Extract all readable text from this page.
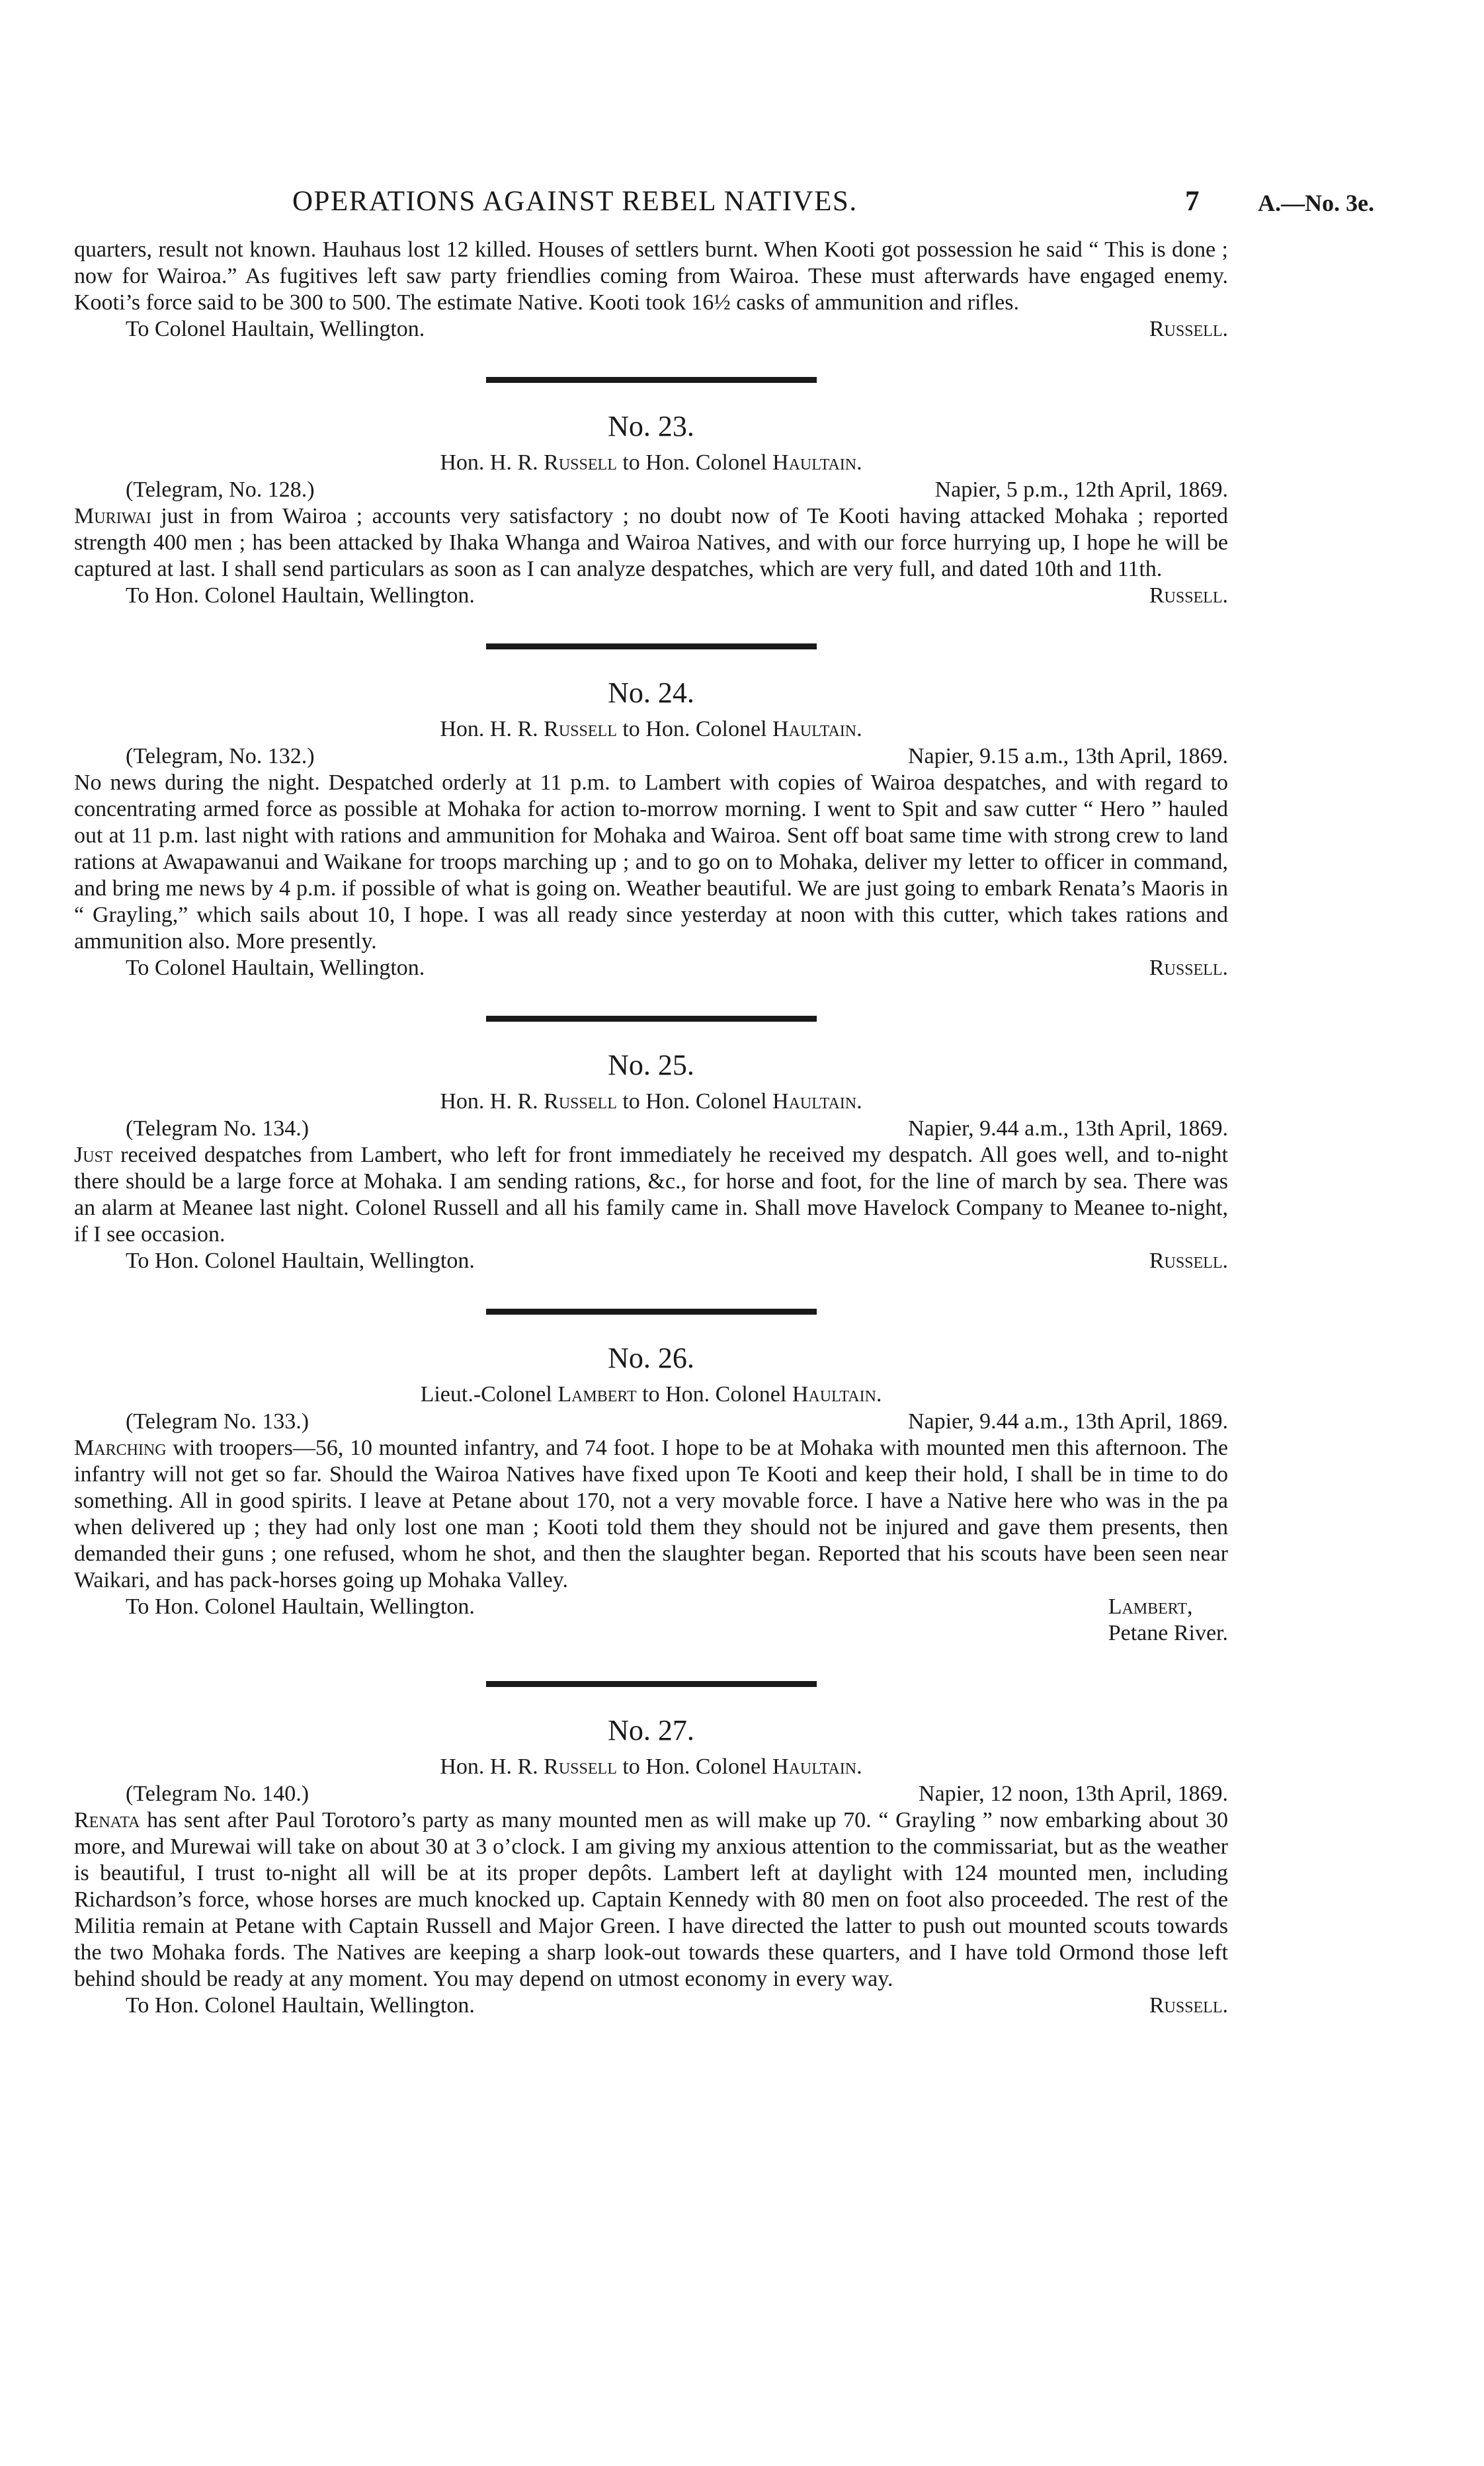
OPERATIONS AGAINST REBEL NATIVES.	7 A.—No. 3e.

quarters, result not known. Hauhaus lost 12 killed. Houses of settlers burnt. When Kooti got possession he said “ This is done ; now for Wairoa.” As fugitives left saw party friendlies coming from Wairoa. These must afterwards have engaged enemy. Kooti’s force said to be 300 to 500. The estimate Native. Kooti took 16½ casks of ammunition and rifles.

To Colonel Haultain, Wellington.	Russell.
No. 23.
Hon. H. R. Russell to Hon. Colonel Haultain.
(Telegram, No. 128.)	Napier, 5 p.m., 12th April, 1869.

Muriwai just in from Wairoa ; accounts very satisfactory ; no doubt now of Te Kooti having attacked Mohaka ; reported strength 400 men ; has been attacked by Ihaka Whanga and Wairoa Natives, and with our force hurrying up, I hope he will be captured at last. I shall send particulars as soon as I can analyze despatches, which are very full, and dated 10th and 11th.

To Hon. Colonel Haultain, Wellington.	Russell.
No. 24.
Hon. H. R. Russell to Hon. Colonel Haultain.
(Telegram, No. 132.)	Napier, 9.15 a.m., 13th April, 1869.

No news during the night. Despatched orderly at 11 p.m. to Lambert with copies of Wairoa despatches, and with regard to concentrating armed force as possible at Mohaka for action to-morrow morning. I went to Spit and saw cutter “ Hero ” hauled out at 11 p.m. last night with rations and ammunition for Mohaka and Wairoa. Sent off boat same time with strong crew to land rations at Awapawanui and Waikane for troops marching up ; and to go on to Mohaka, deliver my letter to officer in command, and bring me news by 4 p.m. if possible of what is going on. Weather beautiful. We are just going to embark Renata’s Maoris in “ Grayling,” which sails about 10, I hope. I was all ready since yesterday at noon with this cutter, which takes rations and ammunition also. More presently.

To Colonel Haultain, Wellington.	Russell.
No. 25.
Hon. H. R. Russell to Hon. Colonel Haultain.
(Telegram No. 134.)	Napier, 9.44 a.m., 13th April, 1869.

Just received despatches from Lambert, who left for front immediately he received my despatch. All goes well, and to-night there should be a large force at Mohaka. I am sending rations, &c., for horse and foot, for the line of march by sea. There was an alarm at Meanee last night. Colonel Russell and all his family came in. Shall move Havelock Company to Meanee to-night, if I see occasion.

To Hon. Colonel Haultain, Wellington.	Russell.
No. 26.
Lieut.-Colonel Lambert to Hon. Colonel Haultain.
(Telegram No. 133.)	Napier, 9.44 a.m., 13th April, 1869.

Marching with troopers—56, 10 mounted infantry, and 74 foot. I hope to be at Mohaka with mounted men this afternoon. The infantry will not get so far. Should the Wairoa Natives have fixed upon Te Kooti and keep their hold, I shall be in time to do something. All in good spirits. I leave at Petane about 170, not a very movable force. I have a Native here who was in the pa when delivered up ; they had only lost one man ; Kooti told them they should not be injured and gave them presents, then demanded their guns ; one refused, whom he shot, and then the slaughter began. Reported that his scouts have been seen near Waikari, and has pack-horses going up Mohaka Valley.

To Hon. Colonel Haultain, Wellington.	Lambert,
Petane River.
No. 27.
Hon. H. R. Russell to Hon. Colonel Haultain.
(Telegram No. 140.)	Napier, 12 noon, 13th April, 1869.

Renata has sent after Paul Torotoro’s party as many mounted men as will make up 70. “ Grayling ” now embarking about 30 more, and Murewai will take on about 30 at 3 o’clock. I am giving my anxious attention to the commissariat, but as the weather is beautiful, I trust to-night all will be at its proper depôts. Lambert left at daylight with 124 mounted men, including Richardson’s force, whose horses are much knocked up. Captain Kennedy with 80 men on foot also proceeded. The rest of the Militia remain at Petane with Captain Russell and Major Green. I have directed the latter to push out mounted scouts towards the two Mohaka fords. The Natives are keeping a sharp look-out towards these quarters, and I have told Ormond those left behind should be ready at any moment. You may depend on utmost economy in every way.

To Hon. Colonel Haultain, Wellington.	Russell.
